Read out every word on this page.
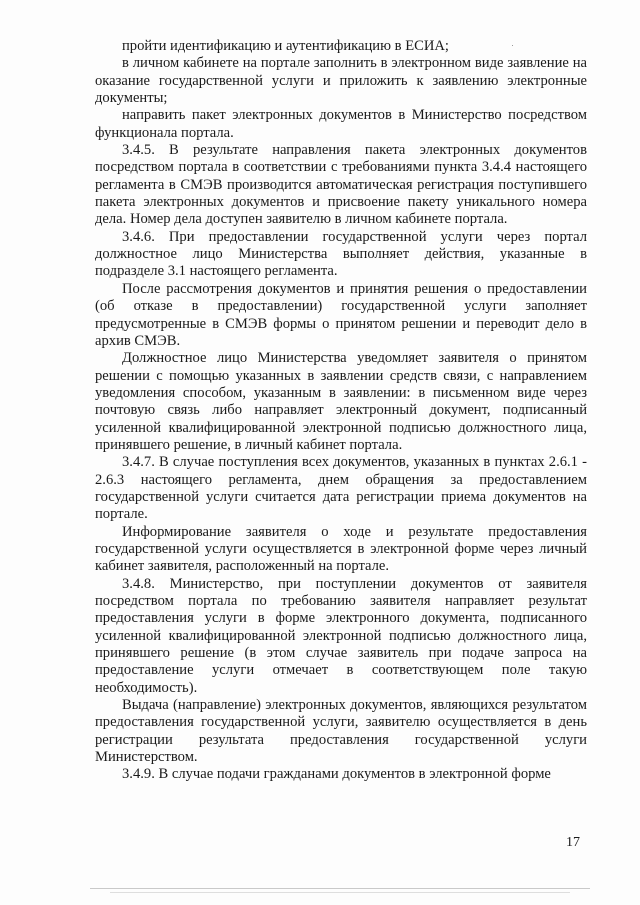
пройти идентификацию и аутентификацию в ЕСИА;

в личном кабинете на портале заполнить в электронном виде заявление на оказание государственной услуги и приложить к заявлению электронные документы;

направить пакет электронных документов в Министерство посредством функционала портала.

3.4.5. В результате направления пакета электронных документов посредством портала в соответствии с требованиями пункта 3.4.4 настоящего регламента в СМЭВ производится автоматическая регистрация поступившего пакета электронных документов и присвоение пакету уникального номера дела. Номер дела доступен заявителю в личном кабинете портала.

3.4.6. При предоставлении государственной услуги через портал должностное лицо Министерства выполняет действия, указанные в подразделе 3.1 настоящего регламента.

После рассмотрения документов и принятия решения о предоставлении (об отказе в предоставлении) государственной услуги заполняет предусмотренные в СМЭВ формы о принятом решении и переводит дело в архив СМЭВ.

Должностное лицо Министерства уведомляет заявителя о принятом решении с помощью указанных в заявлении средств связи, с направлением уведомления способом, указанным в заявлении: в письменном виде через почтовую связь либо направляет электронный документ, подписанный усиленной квалифицированной электронной подписью должностного лица, принявшего решение, в личный кабинет портала.

3.4.7. В случае поступления всех документов, указанных в пунктах 2.6.1 - 2.6.3 настоящего регламента, днем обращения за предоставлением государственной услуги считается дата регистрации приема документов на портале.

Информирование заявителя о ходе и результате предоставления государственной услуги осуществляется в электронной форме через личный кабинет заявителя, расположенный на портале.

3.4.8. Министерство, при поступлении документов от заявителя посредством портала по требованию заявителя направляет результат предоставления услуги в форме электронного документа, подписанного усиленной квалифицированной электронной подписью должностного лица, принявшего решение (в этом случае заявитель при подаче запроса на предоставление услуги отмечает в соответствующем поле такую необходимость).

Выдача (направление) электронных документов, являющихся результатом предоставления государственной услуги, заявителю осуществляется в день регистрации результата предоставления государственной услуги Министерством.

3.4.9. В случае подачи гражданами документов в электронной форме

17
